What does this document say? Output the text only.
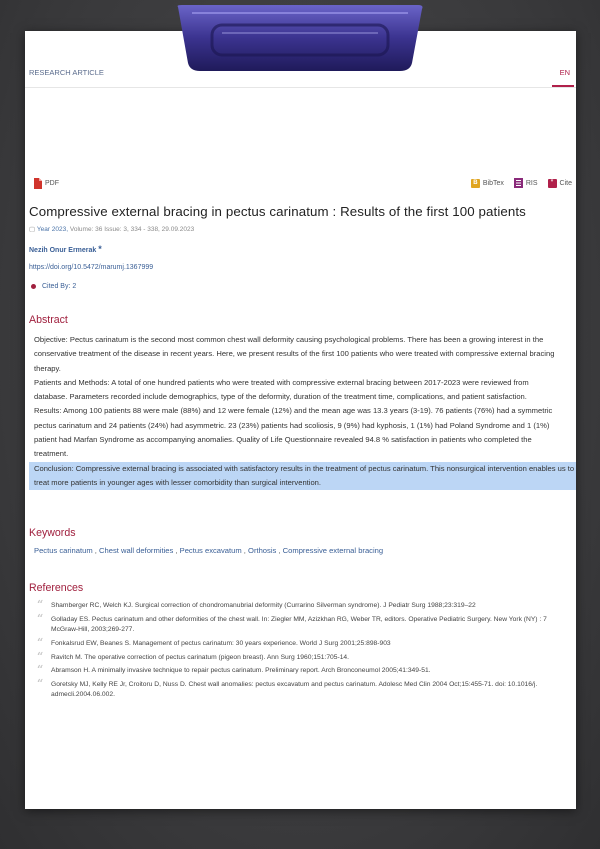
RESEARCH ARTICLE	EN
PDF	B BibTex	RIS	” Cite
Compressive external bracing in pectus carinatum : Results of the first 100 patients
▢ Year 2023, Volume: 36 Issue: 3, 334 - 338, 29.09.2023
Nezih Onur Ermerak *
https://doi.org/10.5472/marumj.1367999
Cited By: 2
Abstract

Objective: Pectus carinatum is the second most common chest wall deformity causing psychological problems. There has been a growing interest in the conservative treatment of the disease in recent years. Here, we present results of the first 100 patients who were treated with compressive external bracing therapy.

Patients and Methods: A total of one hundred patients who were treated with compressive external bracing between 2017-2023 were reviewed from database. Parameters recorded include demographics, type of the deformity, duration of the treatment time, complications, and patient satisfaction.

Results: Among 100 patients 88 were male (88%) and 12 were female (12%) and the mean age was 13.3 years (3-19). 76 patients (76%) had a symmetric pectus carinatum and 24 patients (24%) had asymmetric. 23 (23%) patients had scoliosis, 9 (9%) had kyphosis, 1 (1%) had Poland Syndrome and 1 (1%) patient had Marfan Syndrome as accompanying anomalies. Quality of Life Questionnaire revealed 94.8 % satisfaction in patients who completed the treatment.

Conclusion: Compressive external bracing is associated with satisfactory results in the treatment of pectus carinatum. This nonsurgical intervention enables us to treat more patients in younger ages with lesser comorbidity than surgical intervention.

Keywords
Pectus carinatum , Chest wall deformities , Pectus excavatum , Orthosis , Compressive external bracing
References
“ Shamberger RC, Welch KJ. Surgical correction of chondromanubrial deformity (Currarino Silverman syndrome). J Pediatr Surg 1988;23:319–22
“ Golladay ES. Pectus carinatum and other deformities of the chest wall. In: Ziegler MM, Azizkhan RG, Weber TR, editors. Operative Pediatric Surgery. New York (NY) : 7 McGraw-Hill, 2003;269-277.
“ Fonkalsrud EW, Beanes S. Management of pectus carinatum: 30 years experience. World J Surg 2001;25:898-903
“ Ravitch M. The operative correction of pectus carinatum (pigeon breast). Ann Surg 1960;151:705-14.
“ Abramson H. A minimally invasive technique to repair pectus carinatum. Preliminary report. Arch Bronconeumol 2005;41:349-51.
“ Goretsky MJ, Kelly RE Jr, Croitoru D, Nuss D. Chest wall anomalies: pectus excavatum and pectus carinatum. Adolesc Med Clin 2004 Oct;15:455-71. doi: 10.1016/j. admecli.2004.06.002.
